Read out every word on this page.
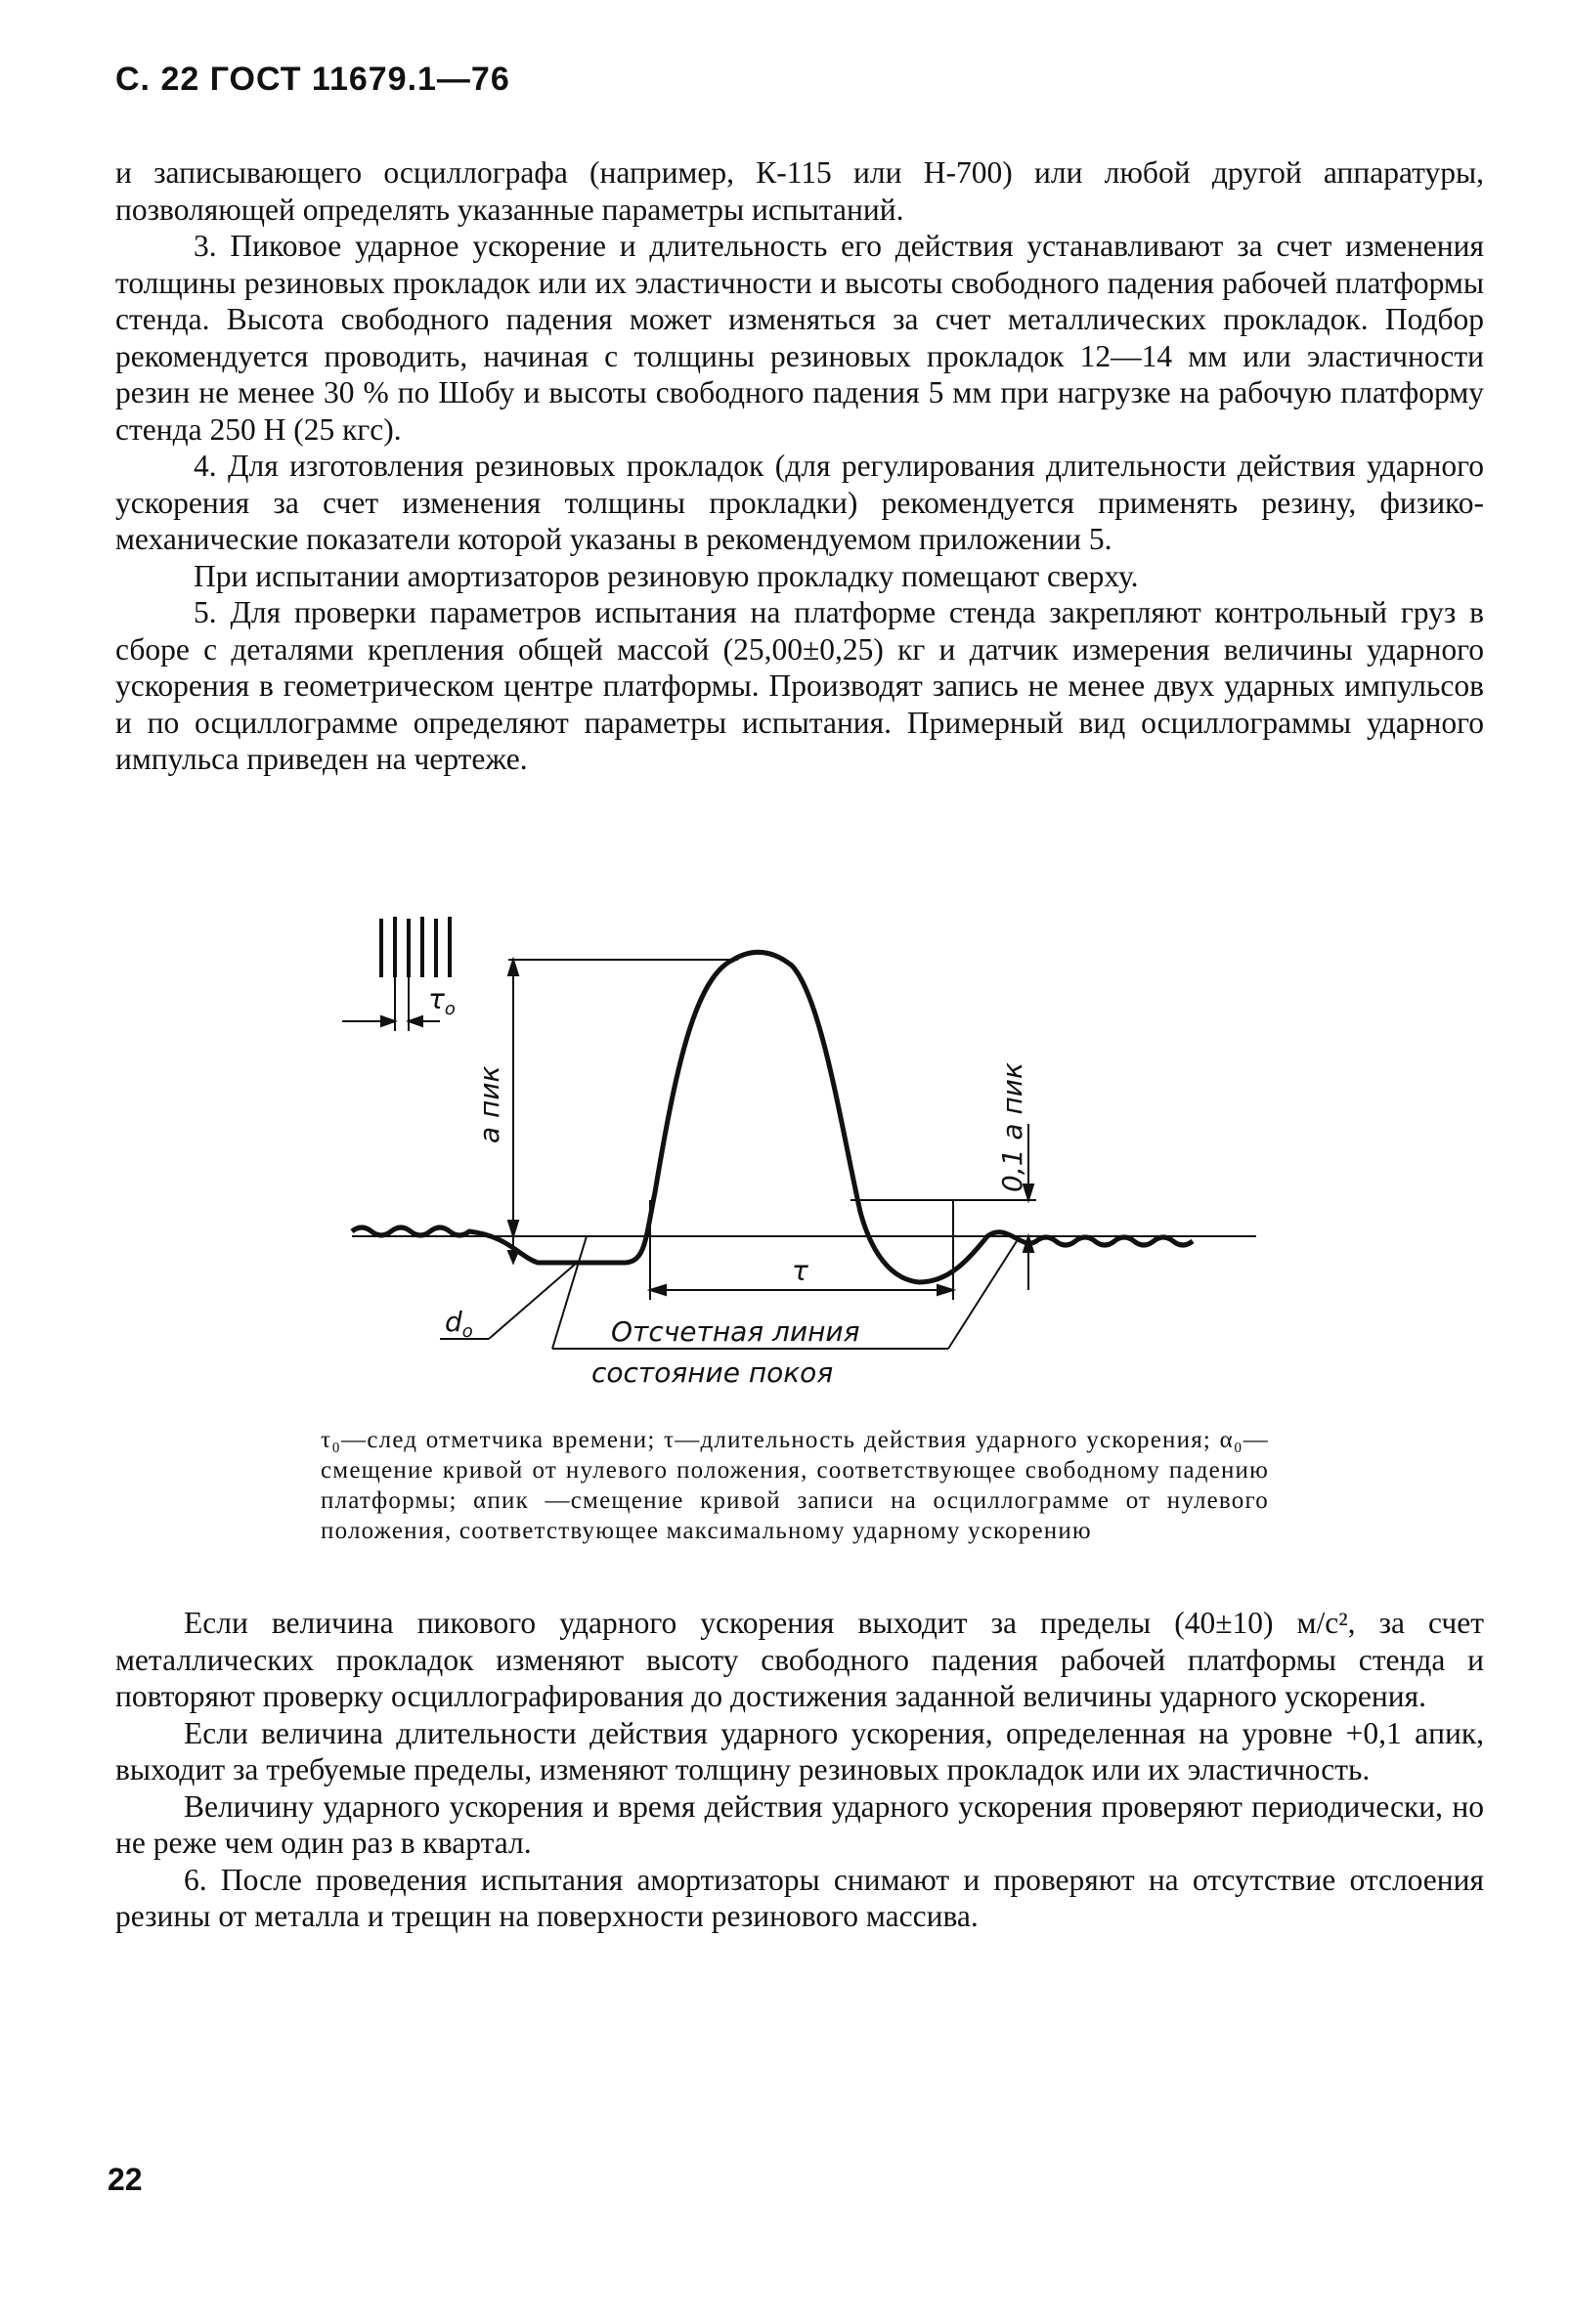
С. 22 ГОСТ 11679.1—76

и записывающего осциллографа (например, К-115 или Н-700) или любой другой аппаратуры, позволяющей определять указанные параметры испытаний.

3. Пиковое ударное ускорение и длительность его действия устанавливают за счет изменения толщины резиновых прокладок или их эластичности и высоты свободного падения рабочей платформы стенда. Высота свободного падения может изменяться за счет металлических прокладок. Подбор рекомендуется проводить, начиная с толщины резиновых прокладок 12—14 мм или эластичности резин не менее 30 % по Шобу и высоты свободного падения 5 мм при нагрузке на рабочую платформу стенда 250 Н (25 кгс).

4. Для изготовления резиновых прокладок (для регулирования длительности действия ударного ускорения за счет изменения толщины прокладки) рекомендуется применять резину, физико-механические показатели которой указаны в рекомендуемом приложении 5.

При испытании амортизаторов резиновую прокладку помещают сверху.

5. Для проверки параметров испытания на платформе стенда закрепляют контрольный груз в сборе с деталями крепления общей массой (25,00±0,25) кг и датчик измерения величины ударного ускорения в геометрическом центре платформы. Производят запись не менее двух ударных импульсов и по осциллограмме определяют параметры испытания. Примерный вид осциллограммы ударного импульса приведен на чертеже.

$\tau_о$
a пик	0,1 a пик
τ
$d_о$	Отсчетная линия
состояние покоя

τ₀—след отметчика времени; τ—длительность действия ударного ускорения; α₀—смещение кривой от нулевого положения, соответствующее свободному падению платформы; αпик —смещение кривой записи на осциллограмме от нулевого положения, соответствующее максимальному ударному ускорению

Если величина пикового ударного ускорения выходит за пределы (40±10) м/с², за счет металлических прокладок изменяют высоту свободного падения рабочей платформы стенда и повторяют проверку осциллографирования до достижения заданной величины ударного ускорения.

Если величина длительности действия ударного ускорения, определенная на уровне +0,1 aпик, выходит за требуемые пределы, изменяют толщину резиновых прокладок или их эластичность.

Величину ударного ускорения и время действия ударного ускорения проверяют периодически, но не реже чем один раз в квартал.

6. После проведения испытания амортизаторы снимают и проверяют на отсутствие отслоения резины от металла и трещин на поверхности резинового массива.

22
